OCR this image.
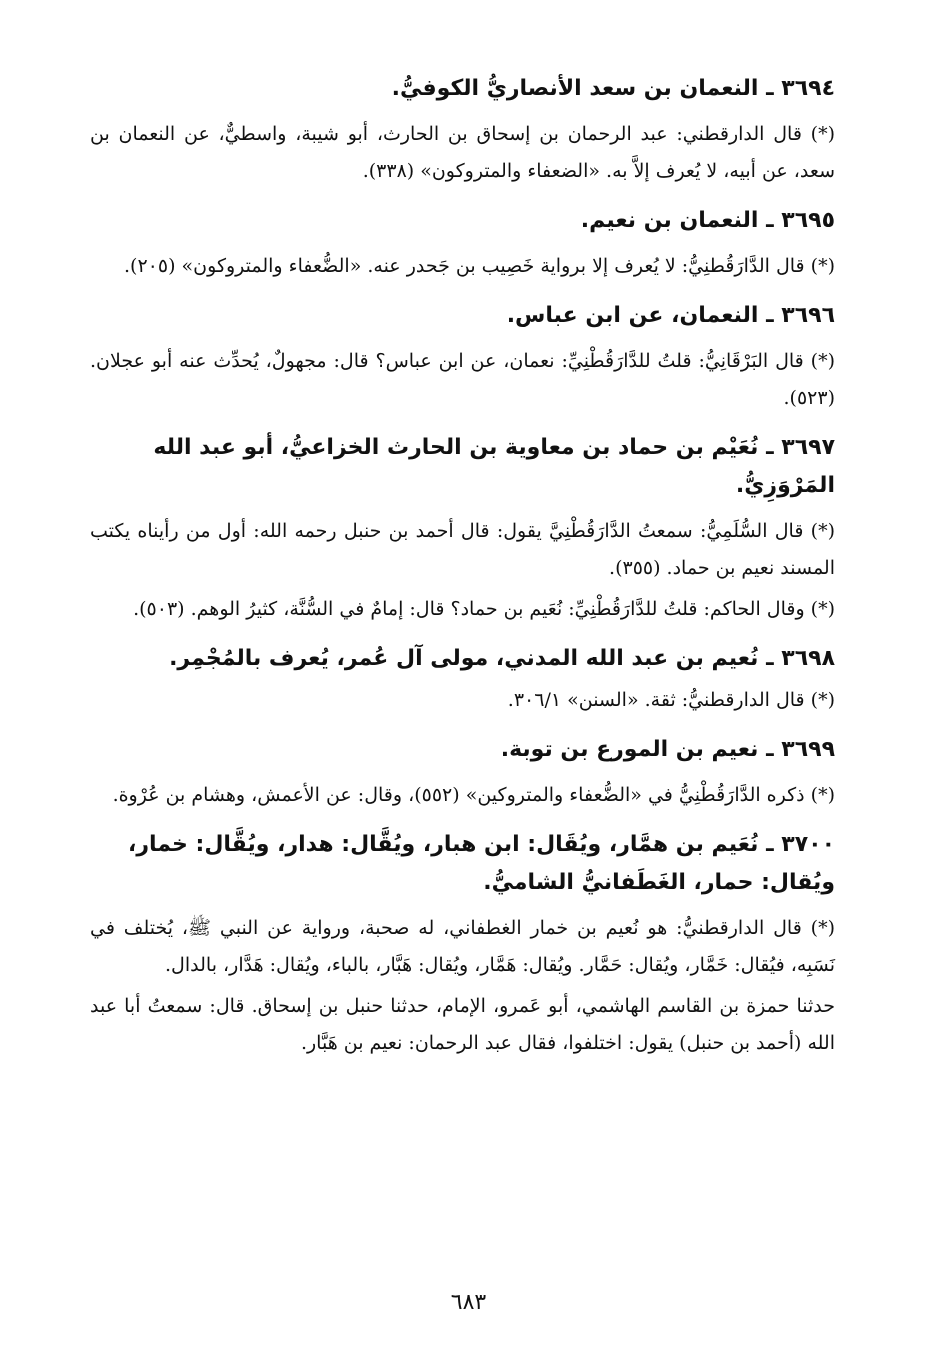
٣٦٩٤ ـ النعمان بن سعد الأنصاريُّ الكوفيُّ.

(*) قال الدارقطني: عبد الرحمان بن إسحاق بن الحارث، أبو شيبة، واسطيٌّ، عن النعمان بن سعد، عن أبيه، لا يُعرف إلاَّ به. «الضعفاء والمتروكون» (٣٣٨).

٣٦٩٥ ـ النعمان بن نعيم.

(*) قال الدَّارَقُطنِيُّ: لا يُعرف إلا برواية خَصِيب بن جَحدر عنه. «الضُّعفاء والمتروكون» (٢٠٥).

٣٦٩٦ ـ النعمان، عن ابن عباس.

(*) قال البَرْقَانِيُّ: قلتُ للدَّارَقُطْنِيِّ: نعمان، عن ابن عباس؟ قال: مجهولٌ، يُحدِّث عنه أبو عجلان. (٥٢٣).

٣٦٩٧ ـ نُعَيْم بن حماد بن معاوية بن الحارث الخزاعيُّ، أبو عبد الله المَرْوَزِيُّ.

(*) قال السُّلَمِيُّ: سمعتُ الدَّارَقُطْنِيَّ يقول: قال أحمد بن حنبل رحمه الله: أول من رأيناه يكتب المسند نعيم بن حماد. (٣٥٥).

(*) وقال الحاكم: قلتُ للدَّارَقُطْنِيِّ: نُعَيم بن حماد؟ قال: إمامٌ في السُّنَّة، كثيرُ الوهم. (٥٠٣).

٣٦٩٨ ـ نُعيم بن عبد الله المدني، مولى آل عُمر، يُعرف بالمُجْمِر.

(*) قال الدارقطنيُّ: ثقة. «السنن» ٣٠٦/١.

٣٦٩٩ ـ نعيم بن المورع بن توبة.

(*) ذكره الدَّارَقُطْنِيُّ في «الضُّعفاء والمتروكين» (٥٥٢)، وقال: عن الأعمش، وهشام بن عُرْوة.

٣٧٠٠ ـ نُعَيم بن همَّار، ويُقَال: ابن هبار، ويُقَّال: هدار، ويُقَّال: خمار، ويُقال: حمار، الغَطَفانيُّ الشاميُّ.

(*) قال الدارقطنيُّ: هو نُعيم بن خمار الغطفاني، له صحبة، ورواية عن النبي ﷺ، يُختلف في نَسَبِه، فيُقال: خَمَّار، ويُقال: حَمَّار. ويُقال: هَمَّار، ويُقال: هَبَّار، بالباء، ويُقال: هَدَّار، بالدال.

حدثنا حمزة بن القاسم الهاشمي، أبو عَمرو، الإمام، حدثنا حنبل بن إسحاق. قال: سمعتُ أبا عبد الله (أحمد بن حنبل) يقول: اختلفوا، فقال عبد الرحمان: نعيم بن هَبَّار.

٦٨٣
